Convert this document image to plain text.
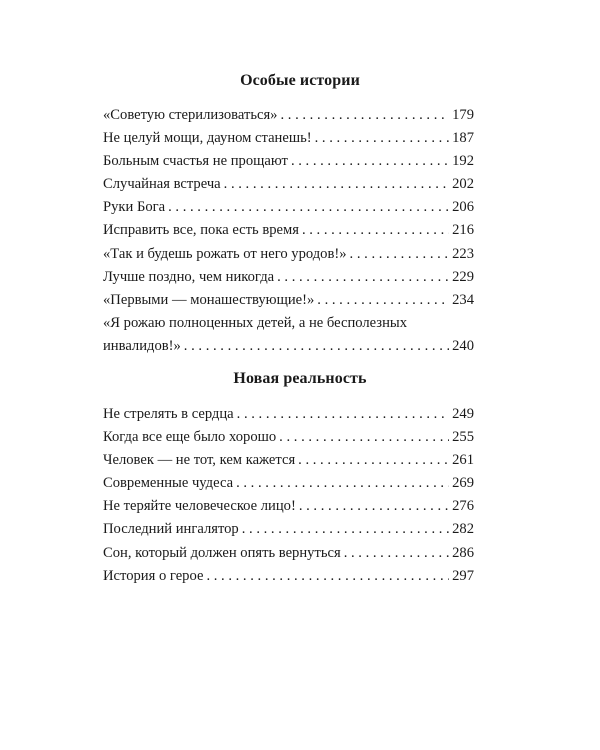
Особые истории
«Советую стерилизоваться» . . .	179
Не целуй мощи, дауном станешь! . . .	187
Больным счастья не прощают . . .	192
Случайная встреча . . .	202
Руки Бога . . .	206
Исправить все, пока есть время . . .	216
«Так и будешь рожать от него уродов!» . . .	223
Лучше поздно, чем никогда . . .	229
«Первыми — монашествующие!» . . .	234
«Я рожаю полноценных детей, а не бесполезных
инвалидов!» . . .	240
Новая реальность
Не стрелять в сердца . . .	249
Когда все еще было хорошо . . .	255
Человек — не тот, кем кажется . . .	261
Современные чудеса . . .	269
Не теряйте человеческое лицо! . . .	276
Последний ингалятор . . .	282
Сон, который должен опять вернуться . . .	286
История о герое . . .	297
